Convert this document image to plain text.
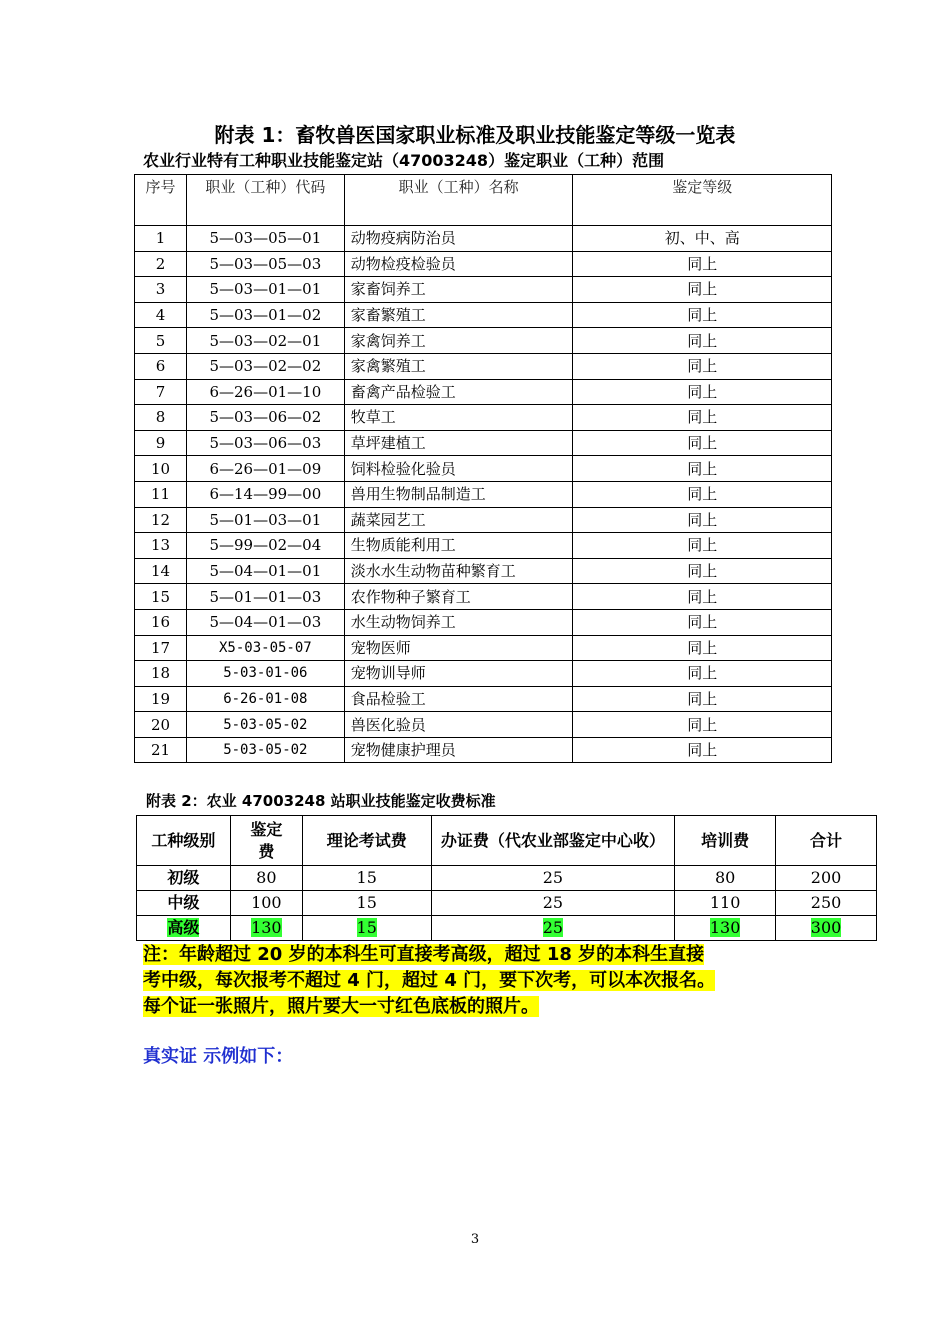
附表 1：畜牧兽医国家职业标准及职业技能鉴定等级一览表
农业行业特有工种职业技能鉴定站（47003248）鉴定职业（工种）范围
序号	职业（工种）代码	职业（工种）名称	鉴定等级
1	5—03—05—01	动物疫病防治员	初、中、高
2	5—03—05—03	动物检疫检验员	同上
3	5—03—01—01	家畜饲养工	同上
4	5—03—01—02	家畜繁殖工	同上
5	5—03—02—01	家禽饲养工	同上
6	5—03—02—02	家禽繁殖工	同上
7	6—26—01—10	畜禽产品检验工	同上
8	5—03—06—02	牧草工	同上
9	5—03—06—03	草坪建植工	同上
10	6—26—01—09	饲料检验化验员	同上
11	6—14—99—00	兽用生物制品制造工	同上
12	5—01—03—01	蔬菜园艺工	同上
13	5—99—02—04	生物质能利用工	同上
14	5—04—01—01	淡水水生动物苗种繁育工	同上
15	5—01—01—03	农作物种子繁育工	同上
16	5—04—01—03	水生动物饲养工	同上
17	X5-03-05-07	宠物医师	同上
18	5-03-01-06	宠物训导师	同上
19	6-26-01-08	食品检验工	同上
20	5-03-05-02	兽医化验员	同上
21	5-03-05-02	宠物健康护理员	同上
附表 2：农业 47003248 站职业技能鉴定收费标准
工种级别	鉴定费	理论考试费	办证费（代农业部鉴定中心收）	培训费	合计
初级	80	15	25	80	200
中级	100	15	25	110	250
高级	130	15	25	130	300
注：年龄超过 20 岁的本科生可直接考高级，超过 18 岁的本科生直接
考中级，每次报考不超过 4 门，超过 4 门，要下次考，可以本次报名。
每个证一张照片，照片要大一寸红色底板的照片。
真实证 示例如下：
3
